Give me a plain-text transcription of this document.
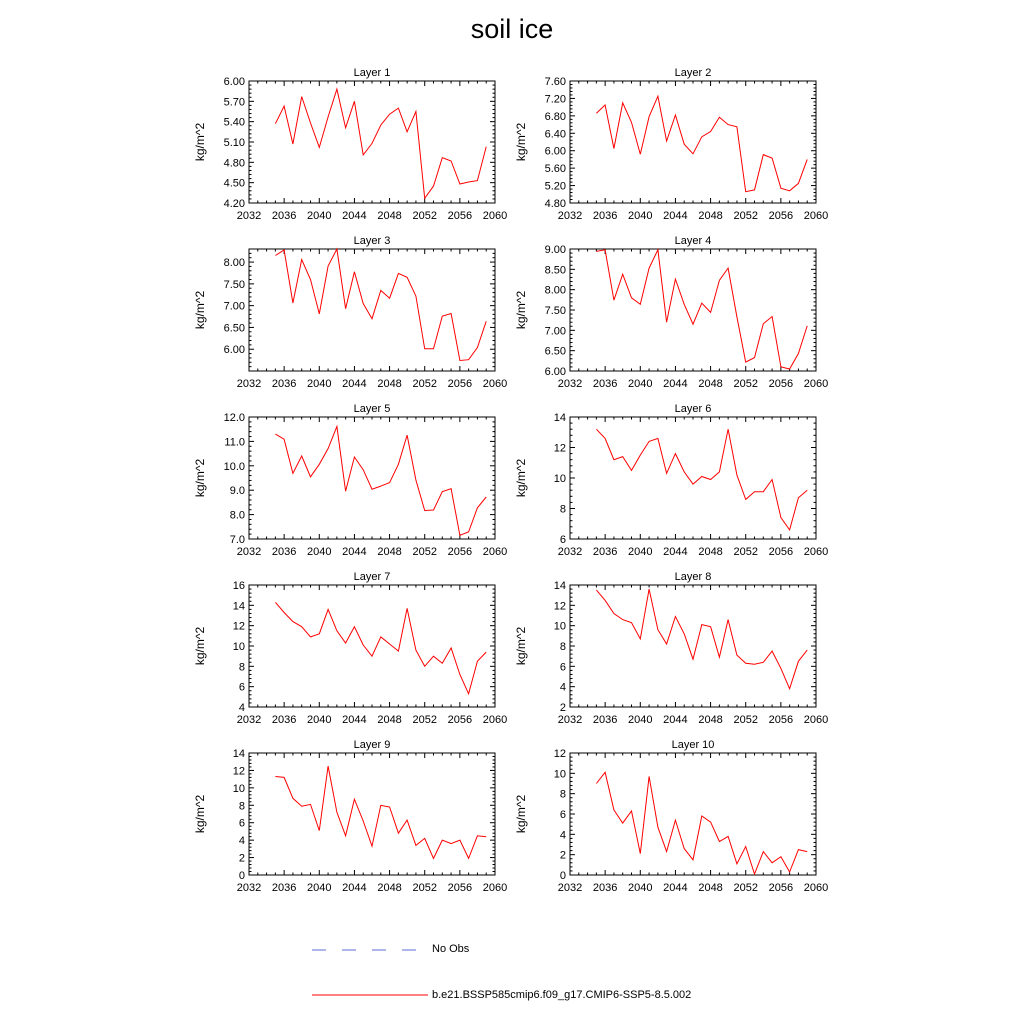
soil ice
Layer 1
kg/m^2
2032 2036 2040 2044 2048 2052 2056 2060
4.20
4.50
4.80
5.10
5.40
5.70
6.00
Layer 2
kg/m^2
2032 2036 2040 2044 2048 2052 2056 2060
4.80
5.20
5.60
6.00
6.40
6.80
7.20
7.60
Layer 3
kg/m^2
2032 2036 2040 2044 2048 2052 2056 2060
6.00
6.50
7.00
7.50
8.00
Layer 4
kg/m^2
2032 2036 2040 2044 2048 2052 2056 2060
6.00
6.50
7.00
7.50
8.00
8.50
9.00
Layer 5
kg/m^2
2032 2036 2040 2044 2048 2052 2056 2060
7.0
8.0
9.0
10.0
11.0
12.0
Layer 6
kg/m^2
2032 2036 2040 2044 2048 2052 2056 2060
6
8
10
12
14
Layer 7
kg/m^2
2032 2036 2040 2044 2048 2052 2056 2060
4
6
8
10
12
14
16
Layer 8
kg/m^2
2032 2036 2040 2044 2048 2052 2056 2060
2
4
6
8
10
12
14
Layer 9
kg/m^2
2032 2036 2040 2044 2048 2052 2056 2060
0
2
4
6
8
10
12
14
Layer 10
kg/m^2
2032 2036 2040 2044 2048 2052 2056 2060
0
2
4
6
8
10
12
No Obs
b.e21.BSSP585cmip6.f09_g17.CMIP6-SSP5-8.5.002
